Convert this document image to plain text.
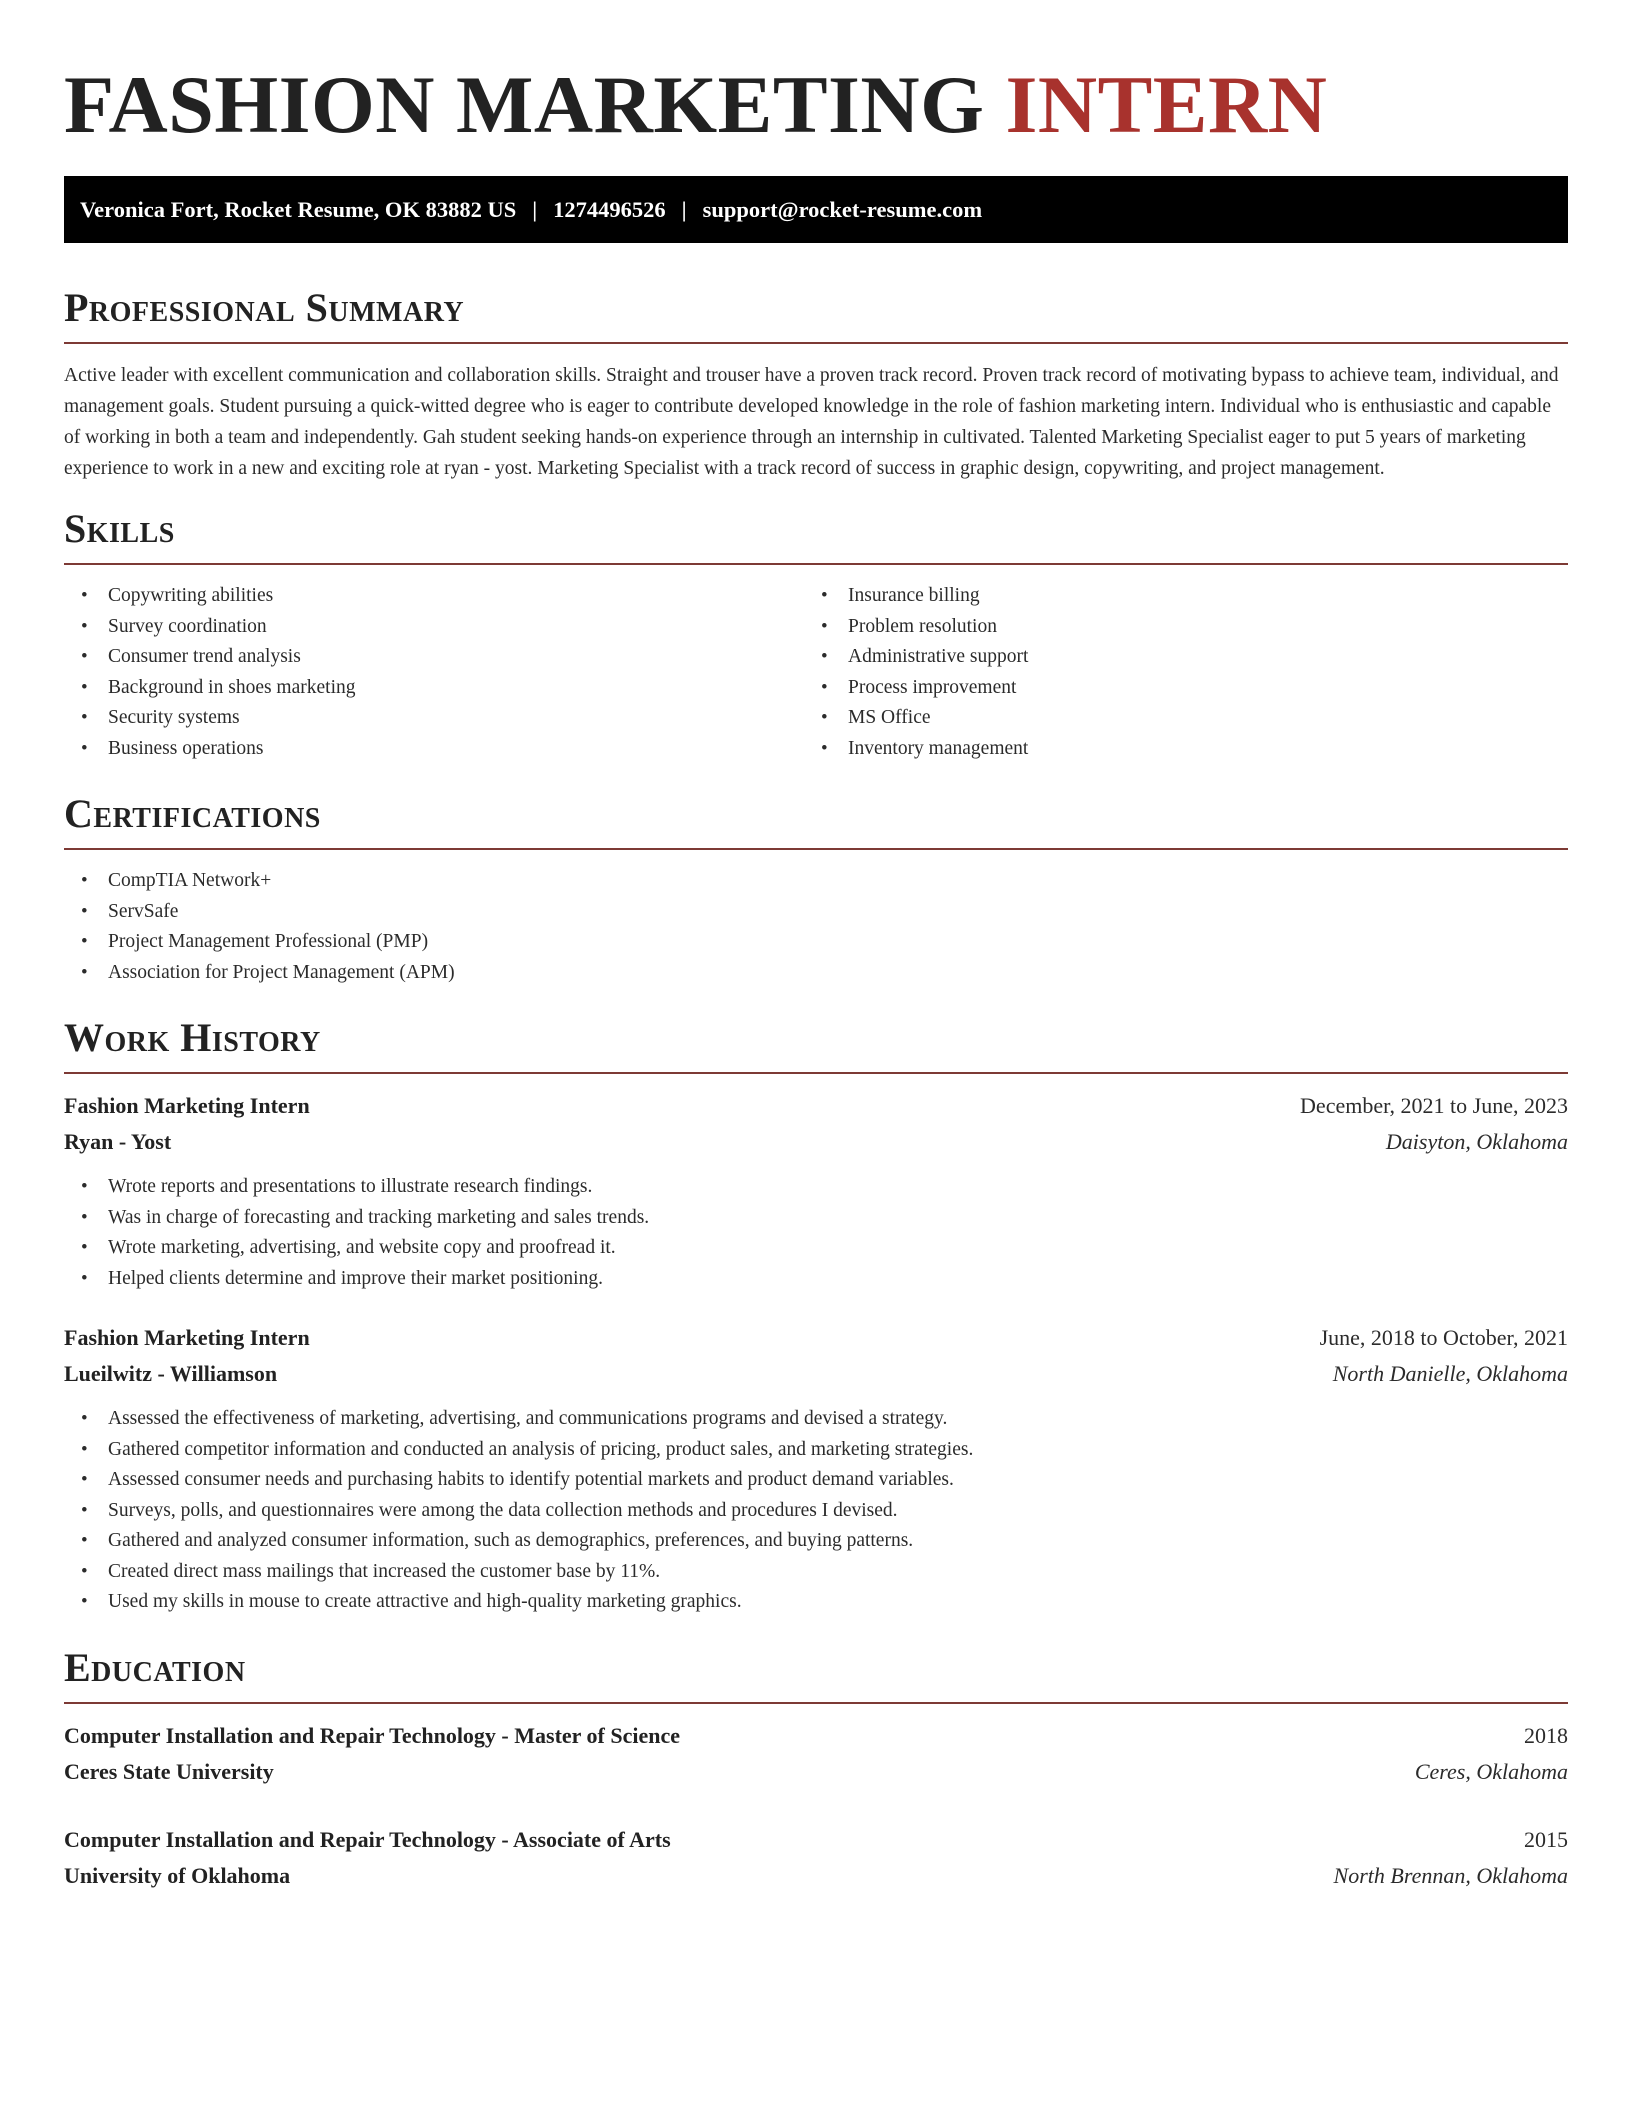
FASHION MARKETING INTERN
Veronica Fort, Rocket Resume, OK 83882 US | 1274496526 | support@rocket-resume.com
Professional Summary

Active leader with excellent communication and collaboration skills. Straight and trouser have a proven track record. Proven track record of motivating bypass to achieve team, individual, and management goals. Student pursuing a quick-witted degree who is eager to contribute developed knowledge in the role of fashion marketing intern. Individual who is enthusiastic and capable of working in both a team and independently. Gah student seeking hands-on experience through an internship in cultivated. Talented Marketing Specialist eager to put 5 years of marketing experience to work in a new and exciting role at ryan - yost. Marketing Specialist with a track record of success in graphic design, copywriting, and project management.

Skills
• Copywriting abilities
• Survey coordination
• Consumer trend analysis
• Background in shoes marketing
• Security systems
• Business operations
• Insurance billing
• Problem resolution
• Administrative support
• Process improvement
• MS Office
• Inventory management
Certifications
• CompTIA Network+
• ServSafe
• Project Management Professional (PMP)
• Association for Project Management (APM)
Work History
Fashion Marketing Intern	December, 2021 to June, 2023
Ryan - Yost	Daisyton, Oklahoma
• Wrote reports and presentations to illustrate research findings.
• Was in charge of forecasting and tracking marketing and sales trends.
• Wrote marketing, advertising, and website copy and proofread it.
• Helped clients determine and improve their market positioning.
Fashion Marketing Intern	June, 2018 to October, 2021
Lueilwitz - Williamson	North Danielle, Oklahoma
• Assessed the effectiveness of marketing, advertising, and communications programs and devised a strategy.
• Gathered competitor information and conducted an analysis of pricing, product sales, and marketing strategies.
• Assessed consumer needs and purchasing habits to identify potential markets and product demand variables.
• Surveys, polls, and questionnaires were among the data collection methods and procedures I devised.
• Gathered and analyzed consumer information, such as demographics, preferences, and buying patterns.
• Created direct mass mailings that increased the customer base by 11%.
• Used my skills in mouse to create attractive and high-quality marketing graphics.
Education
Computer Installation and Repair Technology - Master of Science	2018
Ceres State University	Ceres, Oklahoma
Computer Installation and Repair Technology - Associate of Arts	2015
University of Oklahoma	North Brennan, Oklahoma
